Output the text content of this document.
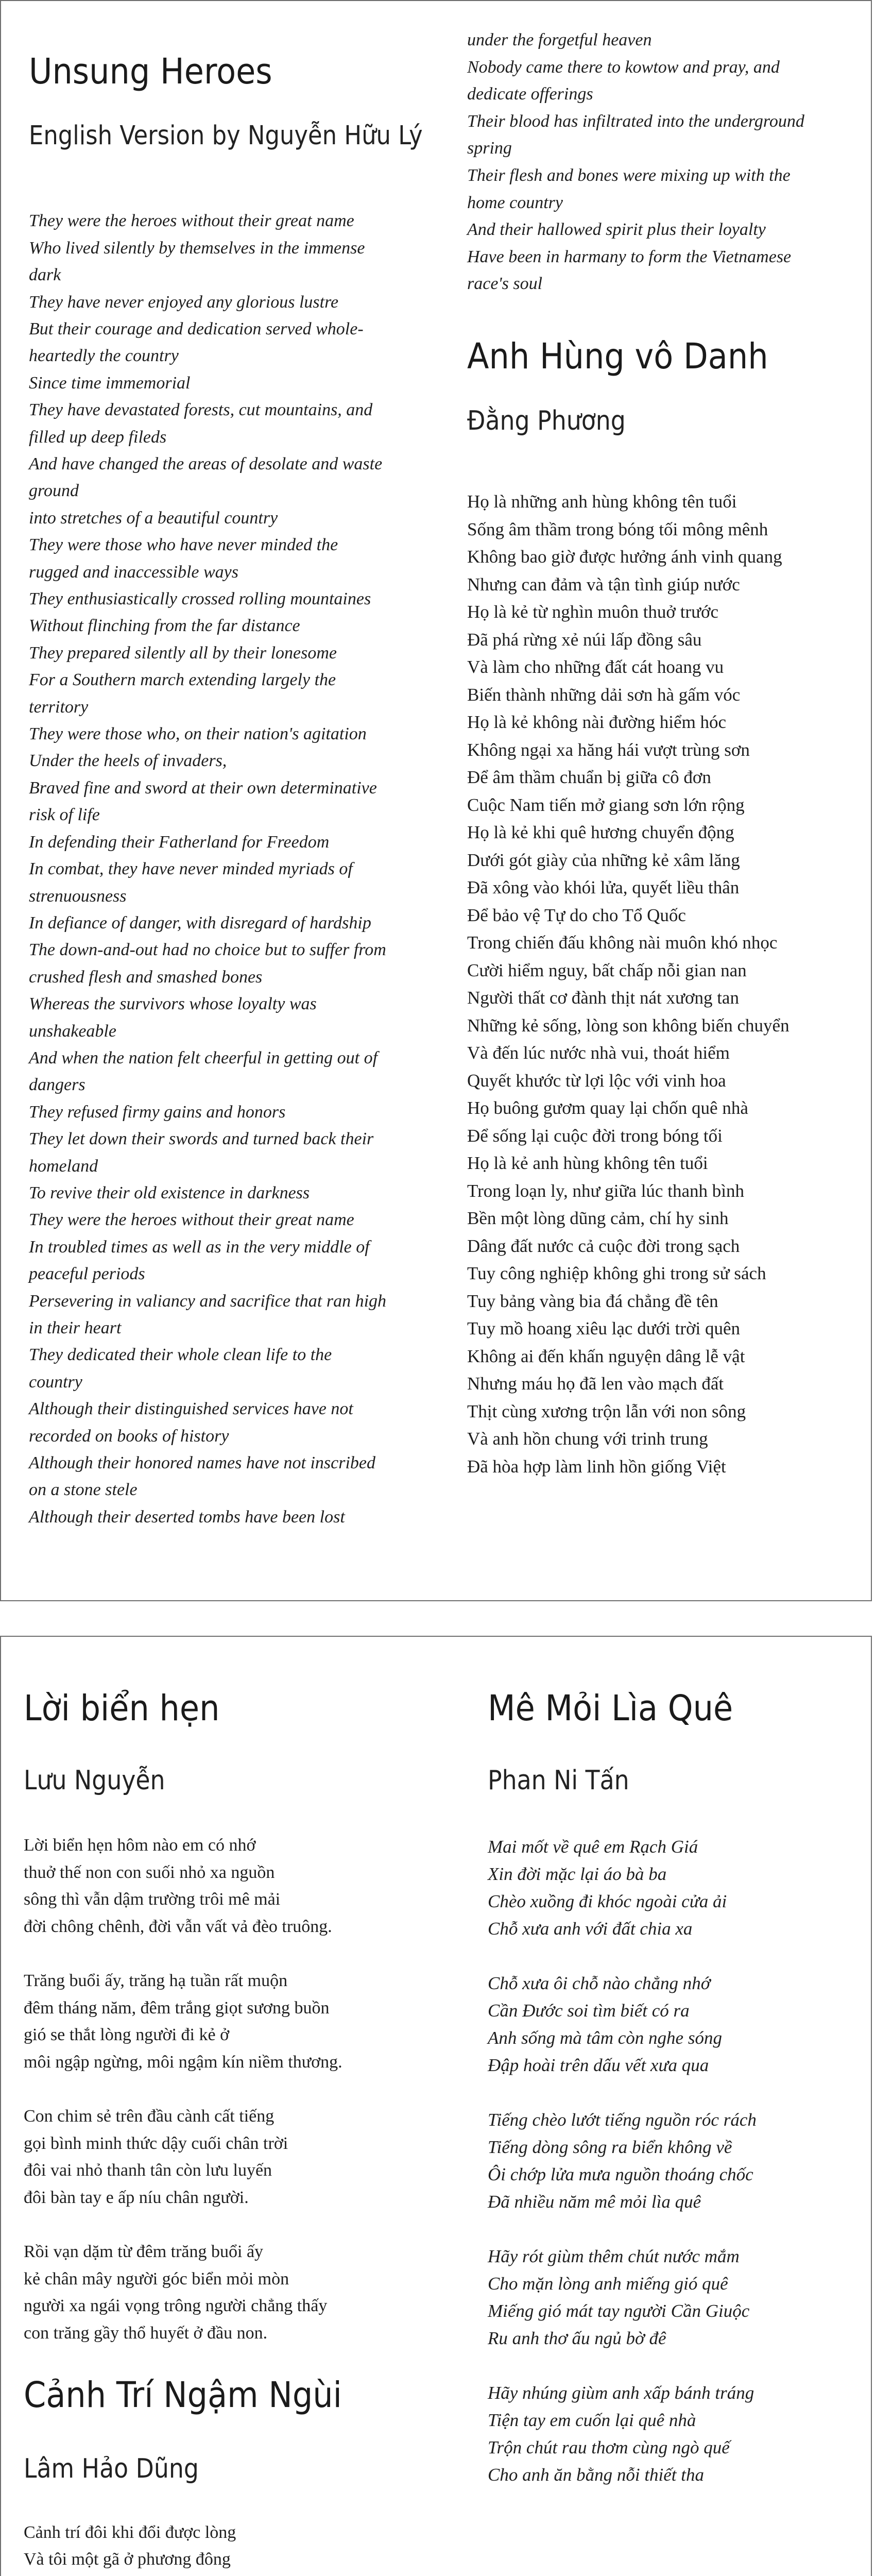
Unsung Heroes
English Version by Nguyễn Hữu Lý
They were the heroes without their great name
Who lived silently by themselves in the immense
dark
They have never enjoyed any glorious lustre
But their courage and dedication served whole-
heartedly the country
Since time immemorial
They have devastated forests, cut mountains, and
filled up deep fileds
And have changed the areas of desolate and waste
ground
into stretches of a beautiful country
They were those who have never minded the
rugged and inaccessible ways
They enthusiastically crossed rolling mountaines
Without flinching from the far distance
They prepared silently all by their lonesome
For a Southern march extending largely the
territory
They were those who, on their nation's agitation
Under the heels of invaders,
Braved fine and sword at their own determinative
risk of life
In defending their Fatherland for Freedom
In combat, they have never minded myriads of
strenuousness
In defiance of danger, with disregard of hardship
The down-and-out had no choice but to suffer from
crushed flesh and smashed bones
Whereas the survivors whose loyalty was
unshakeable
And when the nation felt cheerful in getting out of
dangers
They refused firmy gains and honors
They let down their swords and turned back their
homeland
To revive their old existence in darkness
They were the heroes without their great name
In troubled times as well as in the very middle of
peaceful periods
Persevering in valiancy and sacrifice that ran high
in their heart
They dedicated their whole clean life to the
country
Although their distinguished services have not
recorded on books of history
Although their honored names have not inscribed
on a stone stele
Although their deserted tombs have been lost
under the forgetful heaven
Nobody came there to kowtow and pray, and
dedicate offerings
Their blood has infiltrated into the underground
spring
Their flesh and bones were mixing up with the
home country
And their hallowed spirit plus their loyalty
Have been in harmany to form the Vietnamese
race's soul
Anh Hùng vô Danh
Đằng Phương
Họ là những anh hùng không tên tuổi
Sống âm thầm trong bóng tối mông mênh
Không bao giờ được hưởng ánh vinh quang
Nhưng can đảm và tận tình giúp nước
Họ là kẻ từ nghìn muôn thuở trước
Đã phá rừng xẻ núi lấp đồng sâu
Và làm cho những đất cát hoang vu
Biến thành những dải sơn hà gấm vóc
Họ là kẻ không nài đường hiểm hóc
Không ngại xa hăng hái vượt trùng sơn
Để âm thầm chuẩn bị giữa cô đơn
Cuộc Nam tiến mở giang sơn lớn rộng
Họ là kẻ khi quê hương chuyển động
Dưới gót giày của những kẻ xâm lăng
Đã xông vào khói lửa, quyết liều thân
Để bảo vệ Tự do cho Tổ Quốc
Trong chiến đấu không nài muôn khó nhọc
Cười hiểm nguy, bất chấp nỗi gian nan
Người thất cơ đành thịt nát xương tan
Những kẻ sống, lòng son không biến chuyển
Và đến lúc nước nhà vui, thoát hiểm
Quyết khước từ lợi lộc với vinh hoa
Họ buông gươm quay lại chốn quê nhà
Để sống lại cuộc đời trong bóng tối
Họ là kẻ anh hùng không tên tuổi
Trong loạn ly, như giữa lúc thanh bình
Bền một lòng dũng cảm, chí hy sinh
Dâng đất nước cả cuộc đời trong sạch
Tuy công nghiệp không ghi trong sử sách
Tuy bảng vàng bia đá chẳng đề tên
Tuy mồ hoang xiêu lạc dưới trời quên
Không ai đến khấn nguyện dâng lễ vật
Nhưng máu họ đã len vào mạch đất
Thịt cùng xương trộn lẫn với non sông
Và anh hồn chung với trinh trung
Đã hòa hợp làm linh hồn giống Việt
Lời biển hẹn
Lưu Nguyễn
Lời biển hẹn hôm nào em có nhớ
thuở thế non con suối nhỏ xa nguồn
sông thì vẫn dậm trường trôi mê mải
đời chông chênh, đời vẫn vất vả đèo truông.
Trăng buổi ấy, trăng hạ tuần rất muộn
đêm tháng năm, đêm trắng giọt sương buồn
gió se thắt lòng người đi kẻ ở
môi ngập ngừng, môi ngậm kín niềm thương.
Con chim sẻ trên đầu cành cất tiếng
gọi bình minh thức dậy cuối chân trời
đôi vai nhỏ thanh tân còn lưu luyến
đôi bàn tay e ấp níu chân người.
Rồi vạn dặm từ đêm trăng buổi ấy
kẻ chân mây người góc biển mỏi mòn
người xa ngái vọng trông người chẳng thấy
con trăng gầy thổ huyết ở đầu non.
Cảnh Trí Ngậm Ngùi
Lâm Hảo Dũng
Cảnh trí đôi khi đổi được lòng
Và tôi một gã ở phương đông
Mê Mỏi Lìa Quê
Phan Ni Tấn
Mai mốt về quê em Rạch Giá
Xin đời mặc lại áo bà ba
Chèo xuồng đi khóc ngoài cửa ải
Chỗ xưa anh với đất chia xa
Chỗ xưa ôi chỗ nào chẳng nhớ
Cần Đước soi tìm biết có ra
Anh sống mà tâm còn nghe sóng
Đập hoài trên dấu vết xưa qua
Tiếng chèo lướt tiếng nguồn róc rách
Tiếng dòng sông ra biển không về
Ôi chớp lửa mưa nguồn thoáng chốc
Đã nhiều năm mê mỏi lìa quê
Hãy rót giùm thêm chút nước mắm
Cho mặn lòng anh miếng gió quê
Miếng gió mát tay người Cần Giuộc
Ru anh thơ ấu ngủ bờ đê
Hãy nhúng giùm anh xấp bánh tráng
Tiện tay em cuốn lại quê nhà
Trộn chút rau thơm cùng ngò quế
Cho anh ăn bằng nỗi thiết tha
